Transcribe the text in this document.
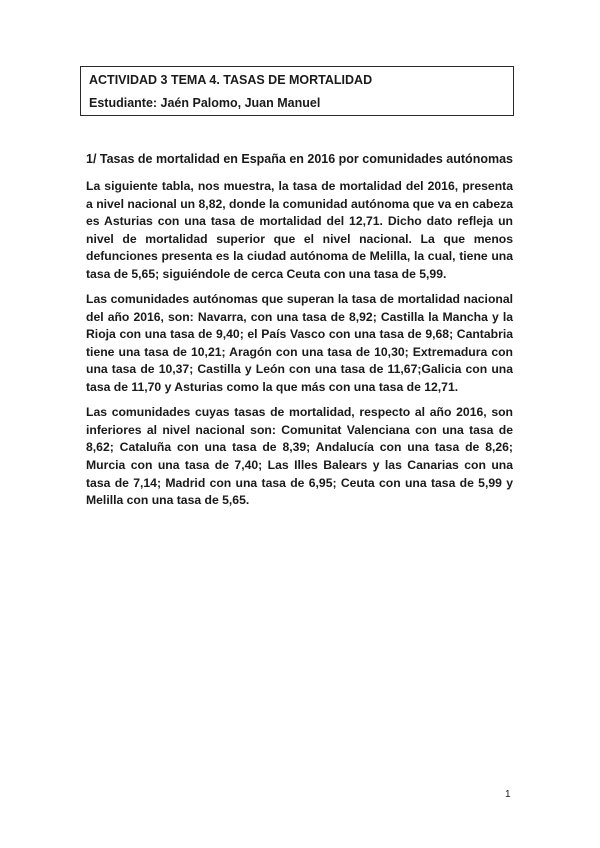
ACTIVIDAD 3 TEMA 4. TASAS DE MORTALIDAD

Estudiante: Jaén Palomo, Juan Manuel

1/ Tasas de mortalidad en España en 2016 por comunidades autónomas

La siguiente tabla, nos muestra, la tasa de mortalidad del 2016, presenta a nivel nacional un 8,82, donde la comunidad autónoma que va en cabeza es Asturias con una tasa de mortalidad del 12,71. Dicho dato refleja un nivel de mortalidad superior que el nivel nacional. La que menos defunciones presenta es la ciudad autónoma de Melilla, la cual, tiene una tasa de 5,65; siguiéndole de cerca Ceuta con una tasa de 5,99.

Las comunidades autónomas que superan la tasa de mortalidad nacional del año 2016, son: Navarra, con una tasa de 8,92; Castilla la Mancha y la Rioja con una tasa de 9,40; el País Vasco con una tasa de 9,68; Cantabria tiene una tasa de 10,21; Aragón con una tasa de 10,30; Extremadura con una tasa de 10,37; Castilla y León con una tasa de 11,67;Galicia con una tasa de 11,70 y Asturias como la que más con una tasa de 12,71.

Las comunidades cuyas tasas de mortalidad, respecto al año 2016, son inferiores al nivel nacional son: Comunitat Valenciana con una tasa de 8,62; Cataluña con una tasa de 8,39; Andalucía con una tasa de 8,26; Murcia con una tasa de 7,40; Las Illes Balears y las Canarias con una tasa de 7,14; Madrid con una tasa de 6,95; Ceuta con una tasa de 5,99 y Melilla con una tasa de 5,65.

1
